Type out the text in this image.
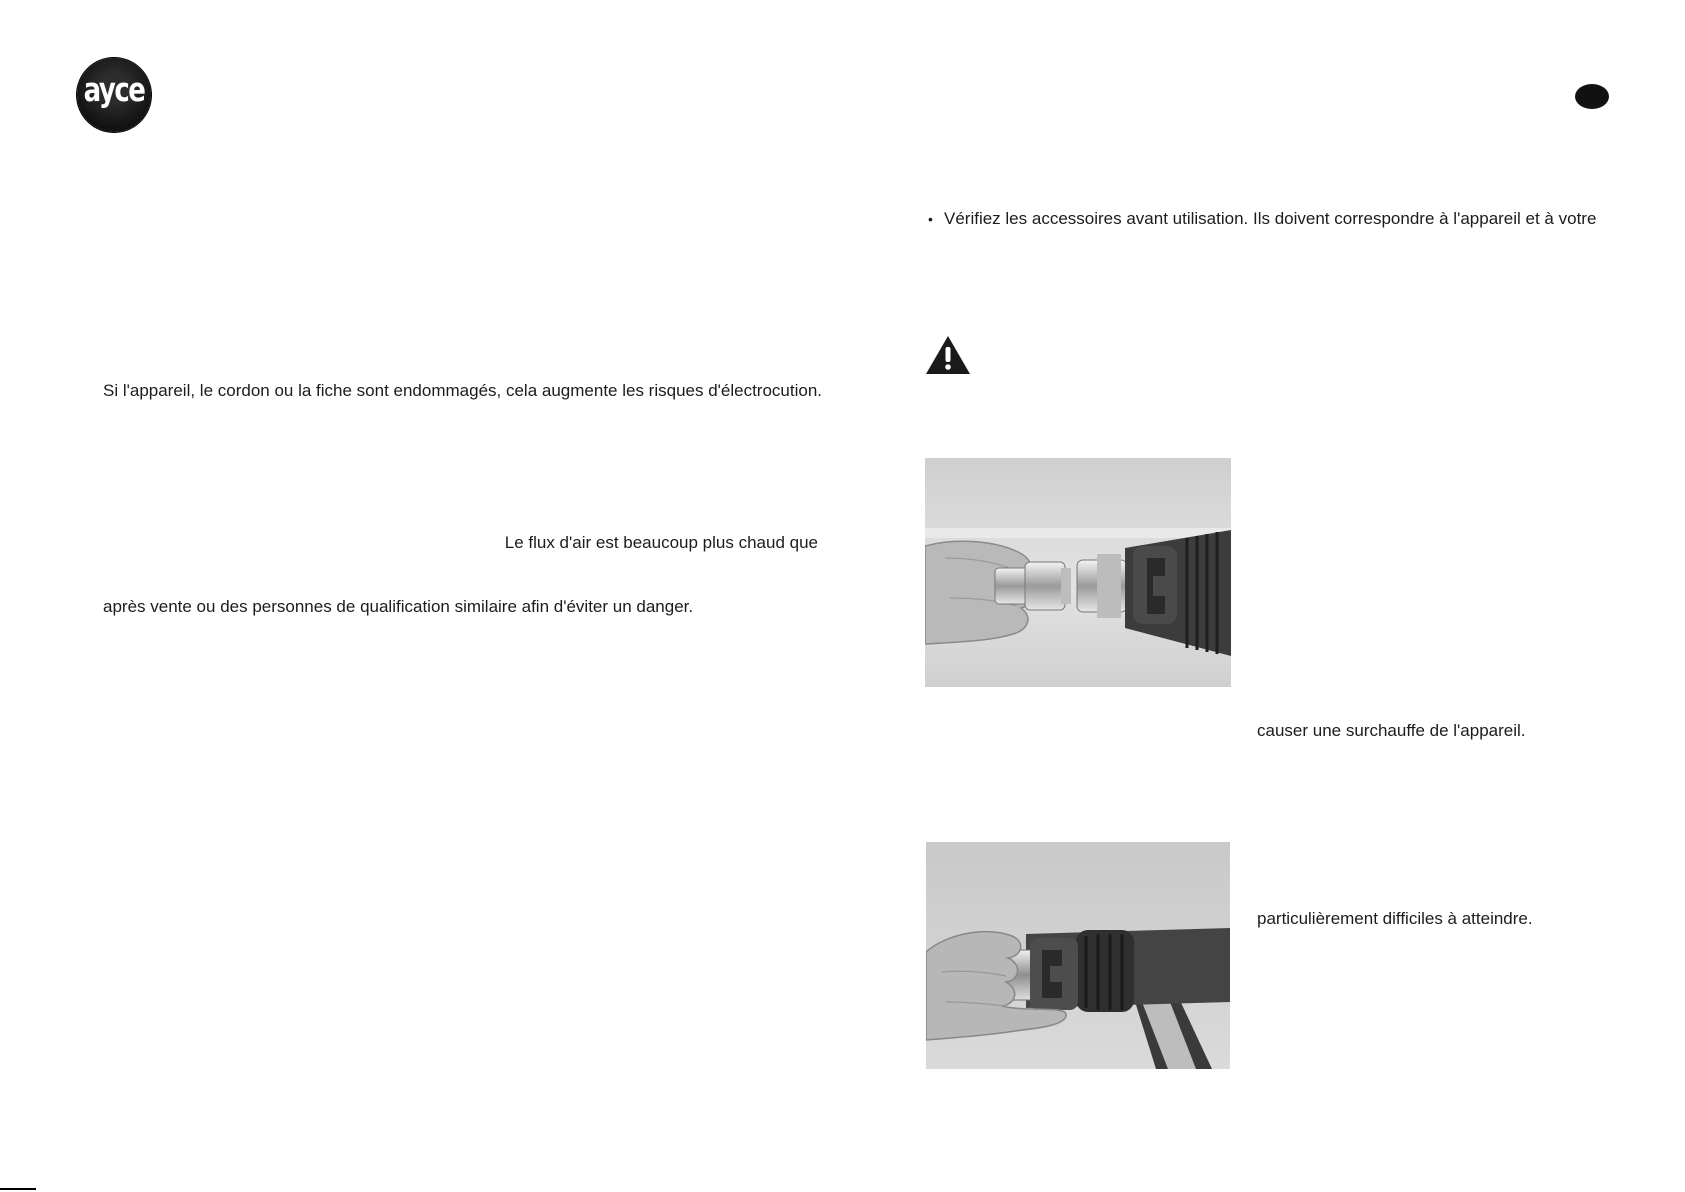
ayce
Si l'appareil, le cordon ou la fiche sont endommagés, cela augmente les risques d'électrocution.
Le flux d'air est beaucoup plus chaud que
après vente ou des personnes de qualification similaire afin d'éviter un danger.
• Vérifiez les accessoires avant utilisation. Ils doivent correspondre à l'appareil et à votre
causer une surchauffe de l'appareil.
particulièrement difficiles à atteindre.
